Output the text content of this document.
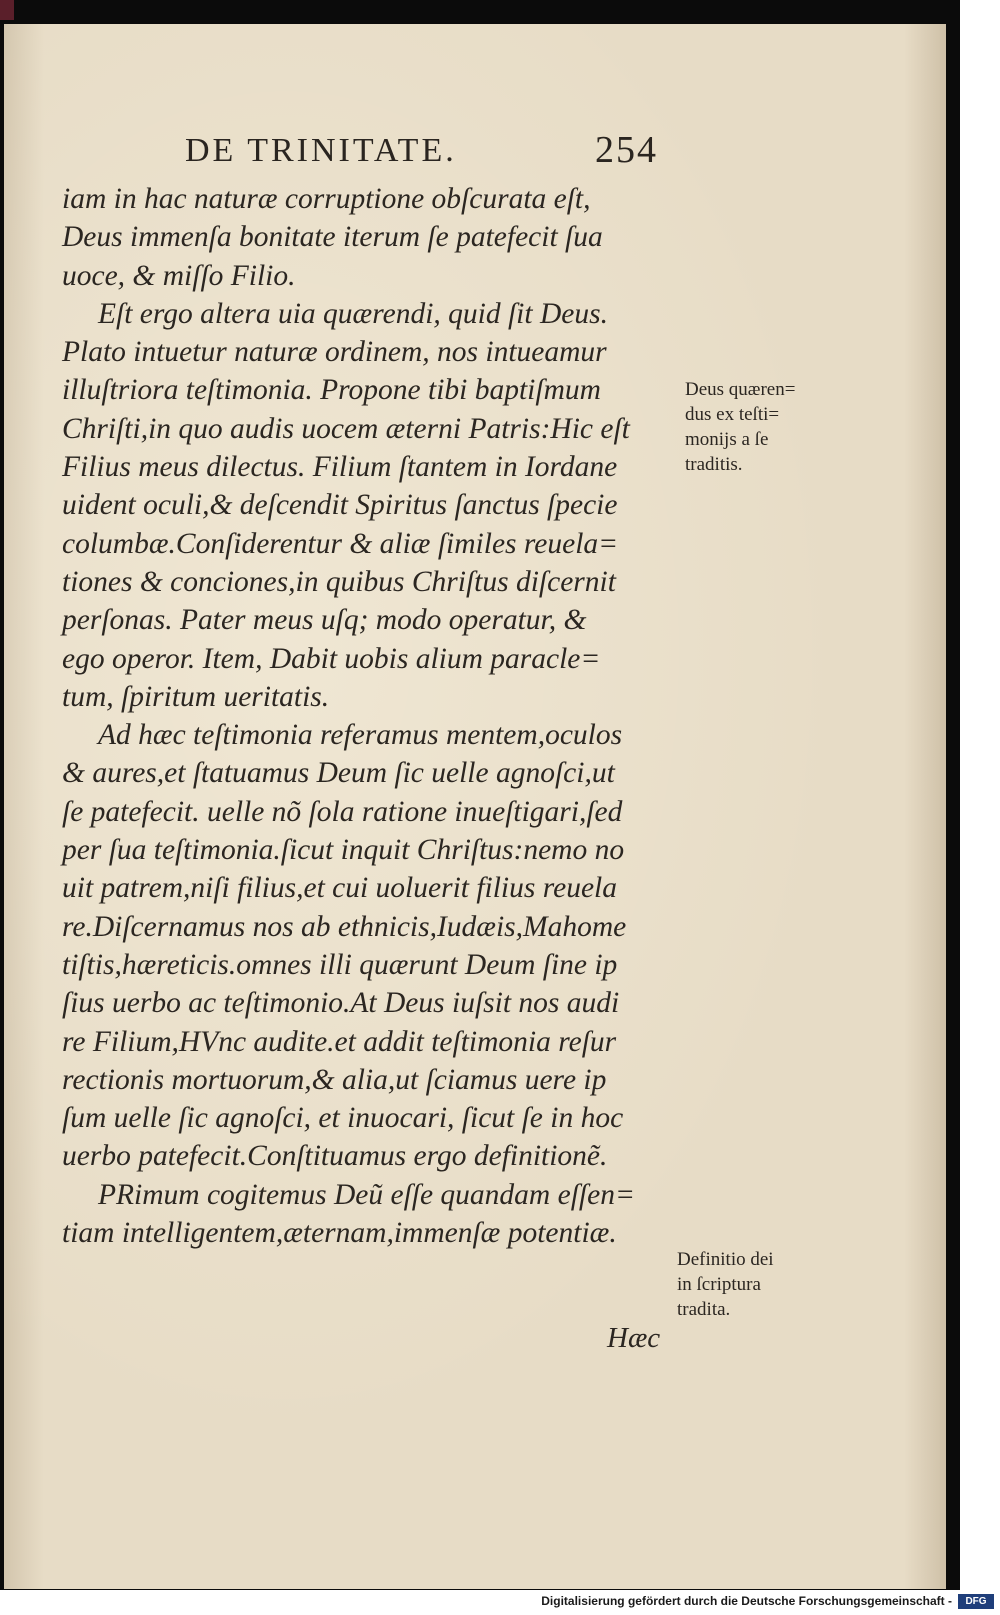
DE TRINITATE.	254
iam in hac naturæ corruptione obſcurata eſt,
Deus immenſa bonitate iterum ſe patefecit ſua
uoce, & miſſo Filio.
Eſt ergo altera uia quærendi, quid ſit Deus.
Plato intuetur naturæ ordinem, nos intueamur
illuſtriora teſtimonia. Propone tibi baptiſmum
Chriſti,in quo audis uocem æterni Patris:Hic eſt
Filius meus dilectus. Filium ſtantem in Iordane
uident oculi,& deſcendit Spiritus ſanctus ſpecie
columbæ.Conſiderentur & aliæ ſimiles reuela=
tiones & conciones,in quibus Chriſtus diſcernit
perſonas. Pater meus uſq; modo operatur, &
ego operor. Item, Dabit uobis alium paracle=
tum, ſpiritum ueritatis.
Ad hæc teſtimonia referamus mentem,oculos
& aures,et ſtatuamus Deum ſic uelle agnoſci,ut
ſe patefecit. uelle nõ ſola ratione inueſtigari,ſed
per ſua teſtimonia.ſicut inquit Chriſtus:nemo no
uit patrem,niſi filius,et cui uoluerit filius reuela
re.Diſcernamus nos ab ethnicis,Iudæis,Mahome
tiſtis,hæreticis.omnes illi quærunt Deum ſine ip
ſius uerbo ac teſtimonio.At Deus iuſsit nos audi
re Filium,HVnc audite.et addit teſtimonia reſur
rectionis mortuorum,& alia,ut ſciamus uere ip
ſum uelle ſic agnoſci, et inuocari, ſicut ſe in hoc
uerbo patefecit.Conſtituamus ergo definitionẽ.
PRimum cogitemus Deũ eſſe quandam eſſen=
tiam intelligentem,æternam,immenſæ potentiæ.
Deus quæren=
dus ex teſti=
monijs a ſe
traditis.
Definitio dei
in ſcriptura
tradita.
Hæc
Digitalisierung gefördert durch die Deutsche Forschungsgemeinschaft -	DFG
